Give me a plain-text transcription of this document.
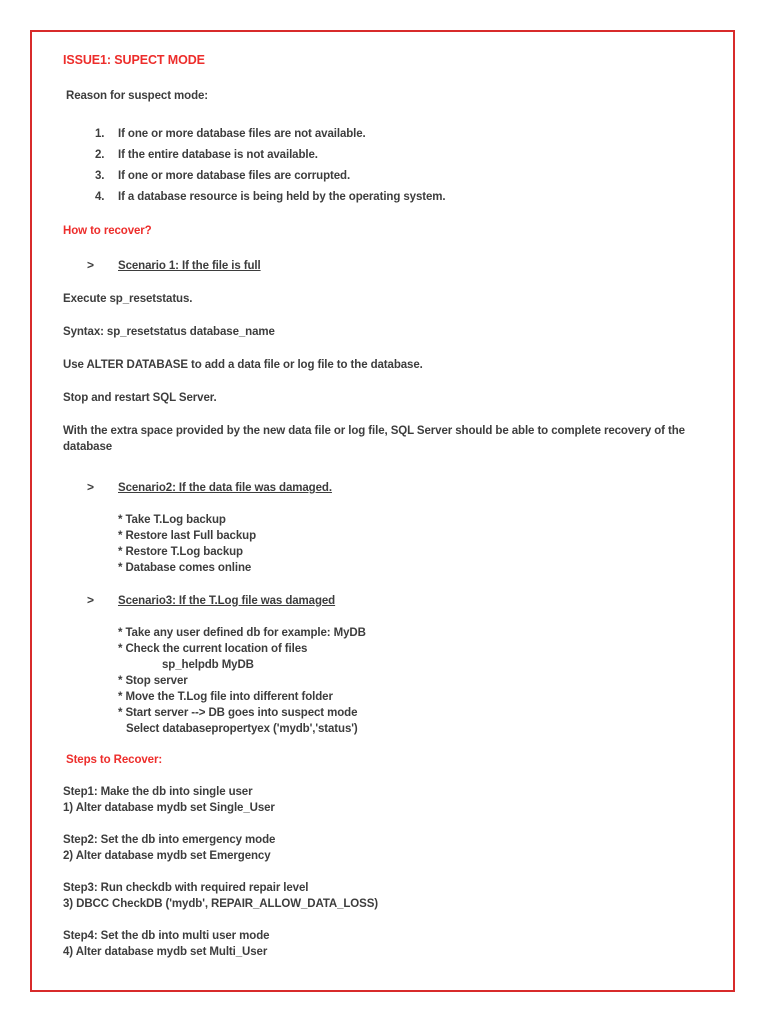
ISSUE1: SUPECT MODE
Reason for suspect mode:
1.	If one or more database files are not available.
2.	If the entire database is not available.
3.	If one or more database files are corrupted.
4.	If a database resource is being held by the operating system.
How to recover?
>	Scenario 1: If the file is full
Execute sp_resetstatus.
Syntax: sp_resetstatus database_name
Use ALTER DATABASE to add a data file or log file to the database.
Stop and restart SQL Server.
With the extra space provided by the new data file or log file, SQL Server should be able to complete recovery of the database
>	Scenario2: If the data file was damaged.
* Take T.Log backup
* Restore last Full backup
* Restore T.Log backup
* Database comes online
>	Scenario3: If the T.Log file was damaged
* Take any user defined db for example: MyDB
* Check the current location of files
sp_helpdb MyDB
* Stop server
* Move the T.Log file into different folder
* Start server --> DB goes into suspect mode
Select databasepropertyex ('mydb','status')
Steps to Recover:
Step1: Make the db into single user
1) Alter database mydb set Single_User
Step2: Set the db into emergency mode
2) Alter database mydb set Emergency
Step3: Run checkdb with required repair level
3) DBCC CheckDB ('mydb', REPAIR_ALLOW_DATA_LOSS)
Step4: Set the db into multi user mode
4) Alter database mydb set Multi_User
